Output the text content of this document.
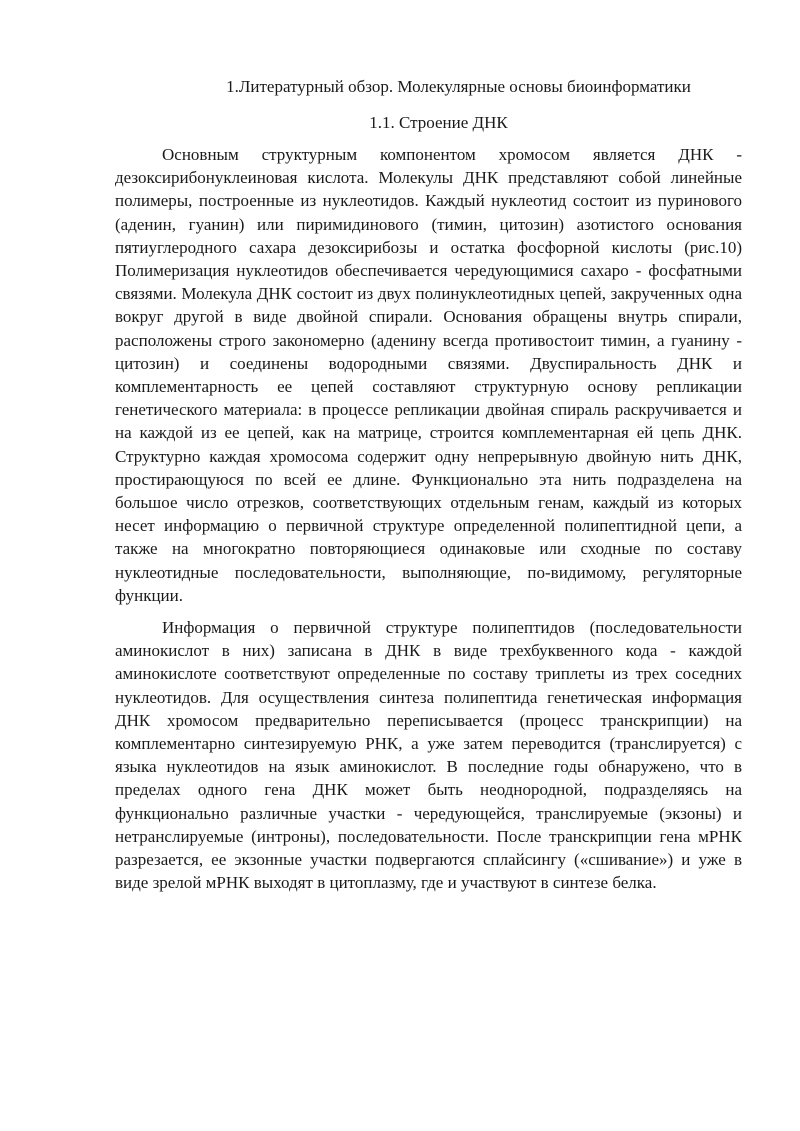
1.Литературный обзор. Молекулярные основы биоинформатики

1.1. Строение ДНК

Основным структурным компонентом хромосом является ДНК - дезоксирибонуклеиновая кислота. Молекулы ДНК представляют собой линейные полимеры, построенные из нуклеотидов. Каждый нуклеотид состоит из пуринового (аденин, гуанин) или пиримидинового (тимин, цитозин) азотистого основания пятиуглеродного сахара дезоксирибозы и остатка фосфорной кислоты (рис.10) Полимеризация нуклеотидов обеспечивается чередующимися сахаро - фосфатными связями. Молекула ДНК состоит из двух полинуклеотидных цепей, закрученных одна вокруг другой в виде двойной спирали. Основания обращены внутрь спирали, расположены строго закономерно (аденину всегда противостоит тимин, а гуанину - цитозин) и соединены водородными связями. Двуспиральность ДНК и комплементарность ее цепей составляют структурную основу репликации генетического материала: в процессе репликации двойная спираль раскручивается и на каждой из ее цепей, как на матрице, строится комплементарная ей цепь ДНК. Структурно каждая хромосома содержит одну непрерывную двойную нить ДНК, простирающуюся по всей ее длине. Функционально эта нить подразделена на большое число отрезков, соответствующих отдельным генам, каждый из которых несет информацию о первичной структуре определенной полипептидной цепи, а также на многократно повторяющиеся одинаковые или сходные по составу нуклеотидные последовательности, выполняющие, по-видимому, регуляторные функции.

Информация о первичной структуре полипептидов (последовательности аминокислот в них) записана в ДНК в виде трехбуквенного кода - каждой аминокислоте соответствуют определенные по составу триплеты из трех соседних нуклеотидов. Для осуществления синтеза полипептида генетическая информация ДНК хромосом предварительно переписывается (процесс транскрипции) на комплементарно синтезируемую РНК, а уже затем переводится (транслируется) с языка нуклеотидов на язык аминокислот. В последние годы обнаружено, что в пределах одного гена ДНК может быть неоднородной, подразделяясь на функционально различные участки - чередующейся, транслируемые (экзоны) и нетранслируемые (интроны), последовательности. После транскрипции гена мРНК разрезается, ее экзонные участки подвергаются сплайсингу («сшивание») и уже в виде зрелой мРНК выходят в цитоплазму, где и участвуют в синтезе белка.
